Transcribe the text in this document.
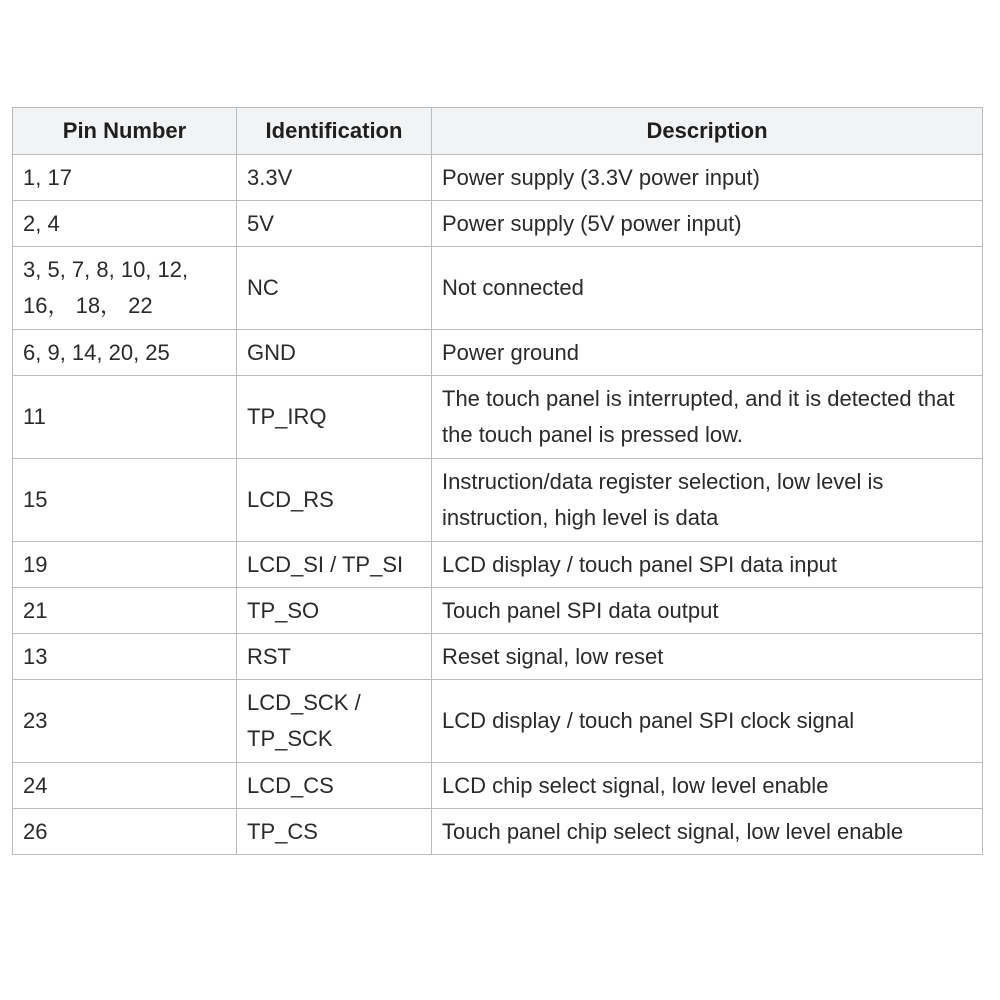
Pin Number	Identification	Description
1, 17	3.3V	Power supply (3.3V power input)
2, 4	5V	Power supply (5V power input)
3, 5, 7, 8, 10, 12, 16， 18， 22	NC	Not connected
6, 9, 14, 20, 25	GND	Power ground
11	TP_IRQ	The touch panel is interrupted, and it is detected that the touch panel is pressed low.
15	LCD_RS	Instruction/data register selection, low level is instruction, high level is data
19	LCD_SI / TP_SI	LCD display / touch panel SPI data input
21	TP_SO	Touch panel SPI data output
13	RST	Reset signal, low reset
23	LCD_SCK / TP_SCK	LCD display / touch panel SPI clock signal
24	LCD_CS	LCD chip select signal, low level enable
26	TP_CS	Touch panel chip select signal, low level enable
